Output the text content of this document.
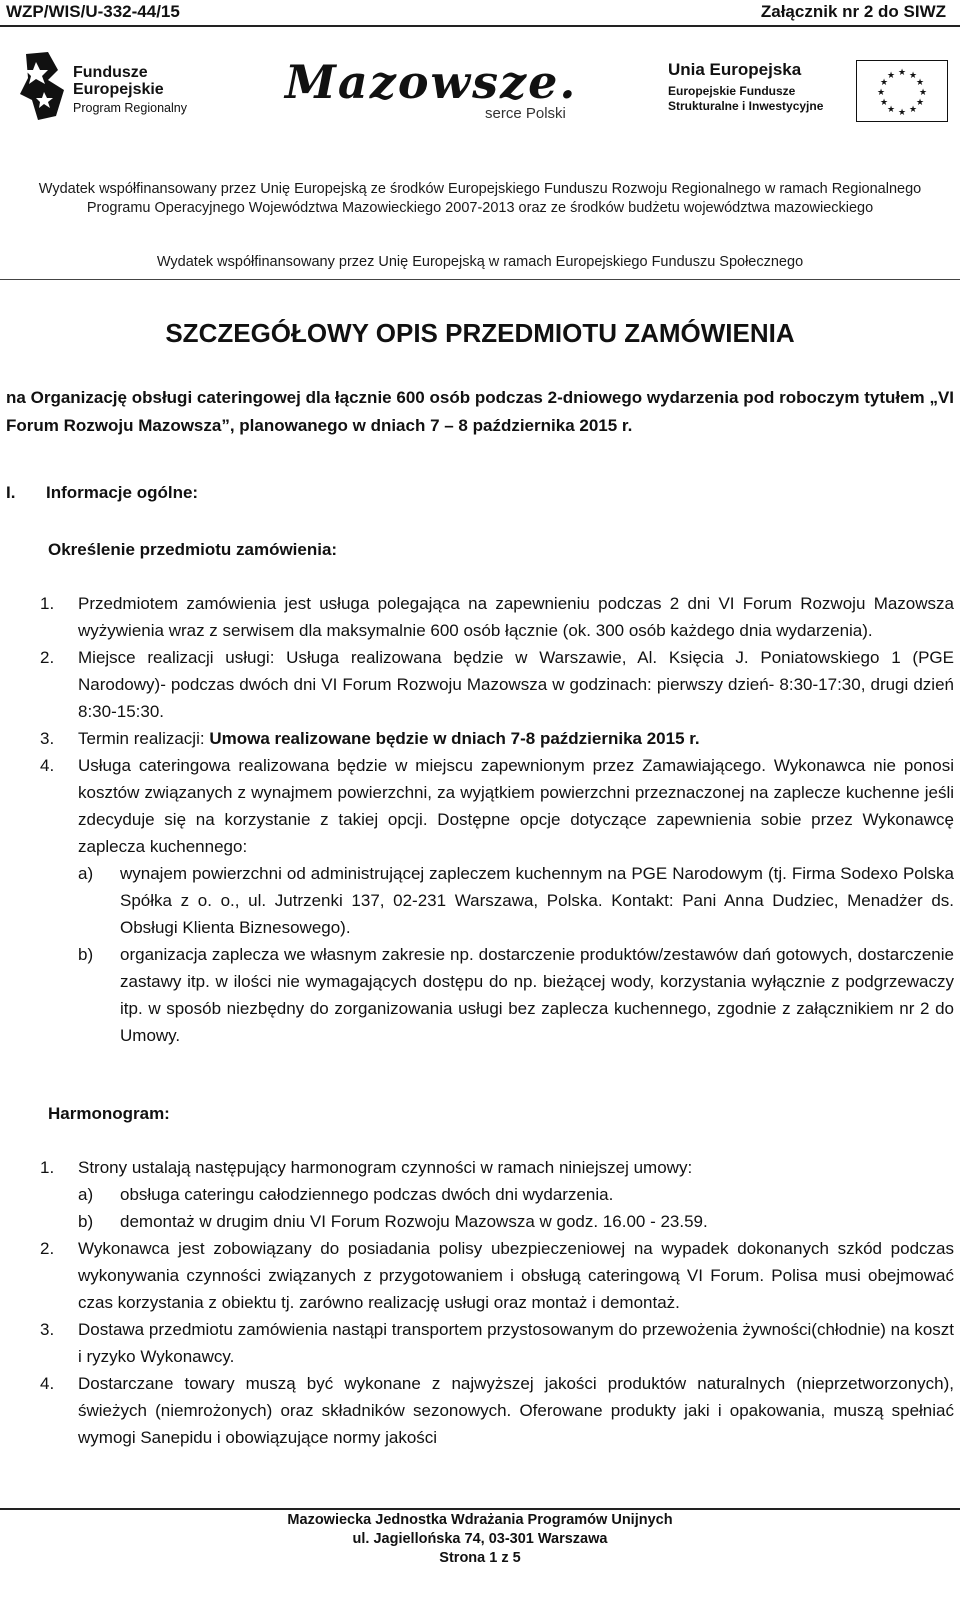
WZP/WIS/U-332-44/15	Załącznik nr 2 do SIWZ
Fundusze
Europejskie
Program Regionalny Mazowsze.
serce Polski
Unia Europejska
Europejskie Fundusze
Strukturalne i Inwestycyjne
★ ★
★
★
★
★
★
★
★
★
★
★
Wydatek współfinansowany przez Unię Europejską ze środków Europejskiego Funduszu Rozwoju Regionalnego w ramach Regionalnego Programu Operacyjnego Województwa Mazowieckiego 2007-2013 oraz ze środków budżetu województwa mazowieckiego
Wydatek współfinansowany przez Unię Europejską w ramach Europejskiego Funduszu Społecznego
SZCZEGÓŁOWY OPIS PRZEDMIOTU ZAMÓWIENIA
na Organizację obsługi cateringowej dla łącznie 600 osób podczas 2-dniowego wydarzenia pod roboczym tytułem „VI Forum Rozwoju Mazowsza”, planowanego w dniach 7 – 8 października 2015 r.
I. Informacje ogólne:
Określenie przedmiotu zamówienia:
1. Przedmiotem zamówienia jest usługa polegająca na zapewnieniu podczas 2 dni VI Forum Rozwoju Mazowsza wyżywienia wraz z serwisem dla maksymalnie 600 osób łącznie (ok. 300 osób każdego dnia wydarzenia).
2. Miejsce realizacji usługi: Usługa realizowana będzie w Warszawie, Al. Księcia J. Poniatowskiego 1 (PGE Narodowy)- podczas dwóch dni VI Forum Rozwoju Mazowsza w godzinach: pierwszy dzień- 8:30-17:30, drugi dzień 8:30-15:30.
3. Termin realizacji: Umowa realizowane będzie w dniach 7-8 października 2015 r.
4. Usługa cateringowa realizowana będzie w miejscu zapewnionym przez Zamawiającego. Wykonawca nie ponosi kosztów związanych z wynajmem powierzchni, za wyjątkiem powierzchni przeznaczonej na zaplecze kuchenne jeśli zdecyduje się na korzystanie z takiej opcji. Dostępne opcje dotyczące zapewnienia sobie przez Wykonawcę zaplecza kuchennego:
a) wynajem powierzchni od administrującej zapleczem kuchennym na PGE Narodowym (tj. Firma Sodexo Polska Spółka z o. o., ul. Jutrzenki 137, 02-231 Warszawa, Polska. Kontakt: Pani Anna Dudziec, Menadżer ds. Obsługi Klienta Biznesowego).
b) organizacja zaplecza we własnym zakresie np. dostarczenie produktów/zestawów dań gotowych, dostarczenie zastawy itp. w ilości nie wymagających dostępu do np. bieżącej wody, korzystania wyłącznie z podgrzewaczy itp. w sposób niezbędny do zorganizowania usługi bez zaplecza kuchennego, zgodnie z załącznikiem nr 2 do Umowy.
Harmonogram:
1. Strony ustalają następujący harmonogram czynności w ramach niniejszej umowy:
a) obsługa cateringu całodziennego podczas dwóch dni wydarzenia.
b) demontaż w drugim dniu VI Forum Rozwoju Mazowsza w godz. 16.00 - 23.59.
2. Wykonawca jest zobowiązany do posiadania polisy ubezpieczeniowej na wypadek dokonanych szkód podczas wykonywania czynności związanych z przygotowaniem i obsługą cateringową VI Forum. Polisa musi obejmować czas korzystania z obiektu tj. zarówno realizację usługi oraz montaż i demontaż.
3. Dostawa przedmiotu zamówienia nastąpi transportem przystosowanym do przewożenia żywności(chłodnie) na koszt i ryzyko Wykonawcy.
4. Dostarczane towary muszą być wykonane z najwyższej jakości produktów naturalnych (nieprzetworzonych), świeżych (niemrożonych) oraz składników sezonowych. Oferowane produkty jaki i opakowania, muszą spełniać wymogi Sanepidu i obowiązujące normy jakości
Mazowiecka Jednostka Wdrażania Programów Unijnych
ul. Jagiellońska 74, 03-301 Warszawa
Strona 1 z 5
